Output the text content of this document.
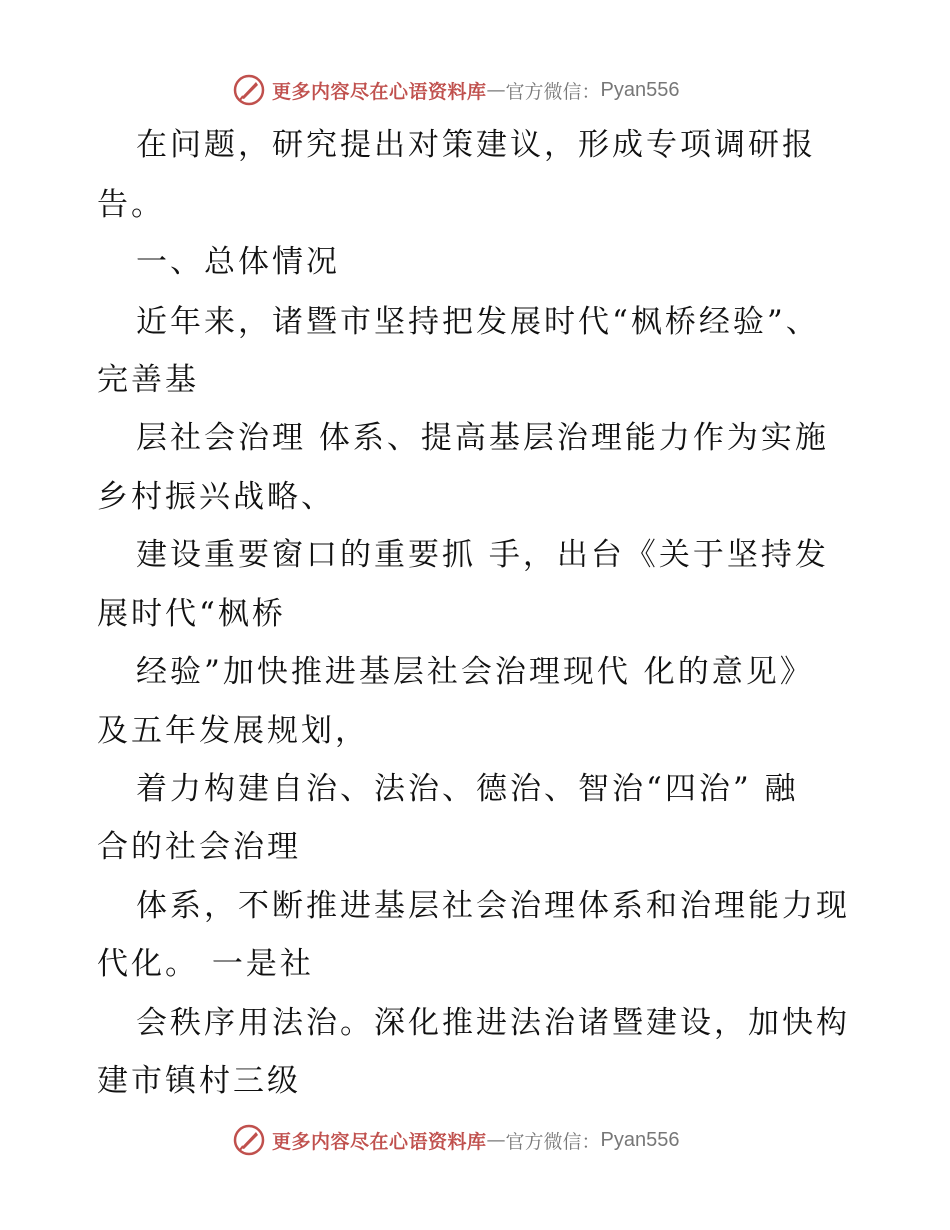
更多内容尽在心语资料库 — 官方微信： Pyan556
在问题，研究提出对策建议，形成专项调研报
告。
一、总体情况
近年来，诸暨市坚持把发展时代“枫桥经验”、
完善基
层社会治理 体系、提高基层治理能力作为实施
乡村振兴战略、
建设重要窗口的重要抓 手，出台《关于坚持发
展时代“枫桥
经验”加快推进基层社会治理现代 化的意见》
及五年发展规划，
着力构建自治、法治、德治、智治“四治” 融
合的社会治理
体系，不断推进基层社会治理体系和治理能力现
代化。 一是社
会秩序用法治。深化推进法治诸暨建设，加快构
建市镇村三级
更多内容尽在心语资料库 — 官方微信： Pyan556
